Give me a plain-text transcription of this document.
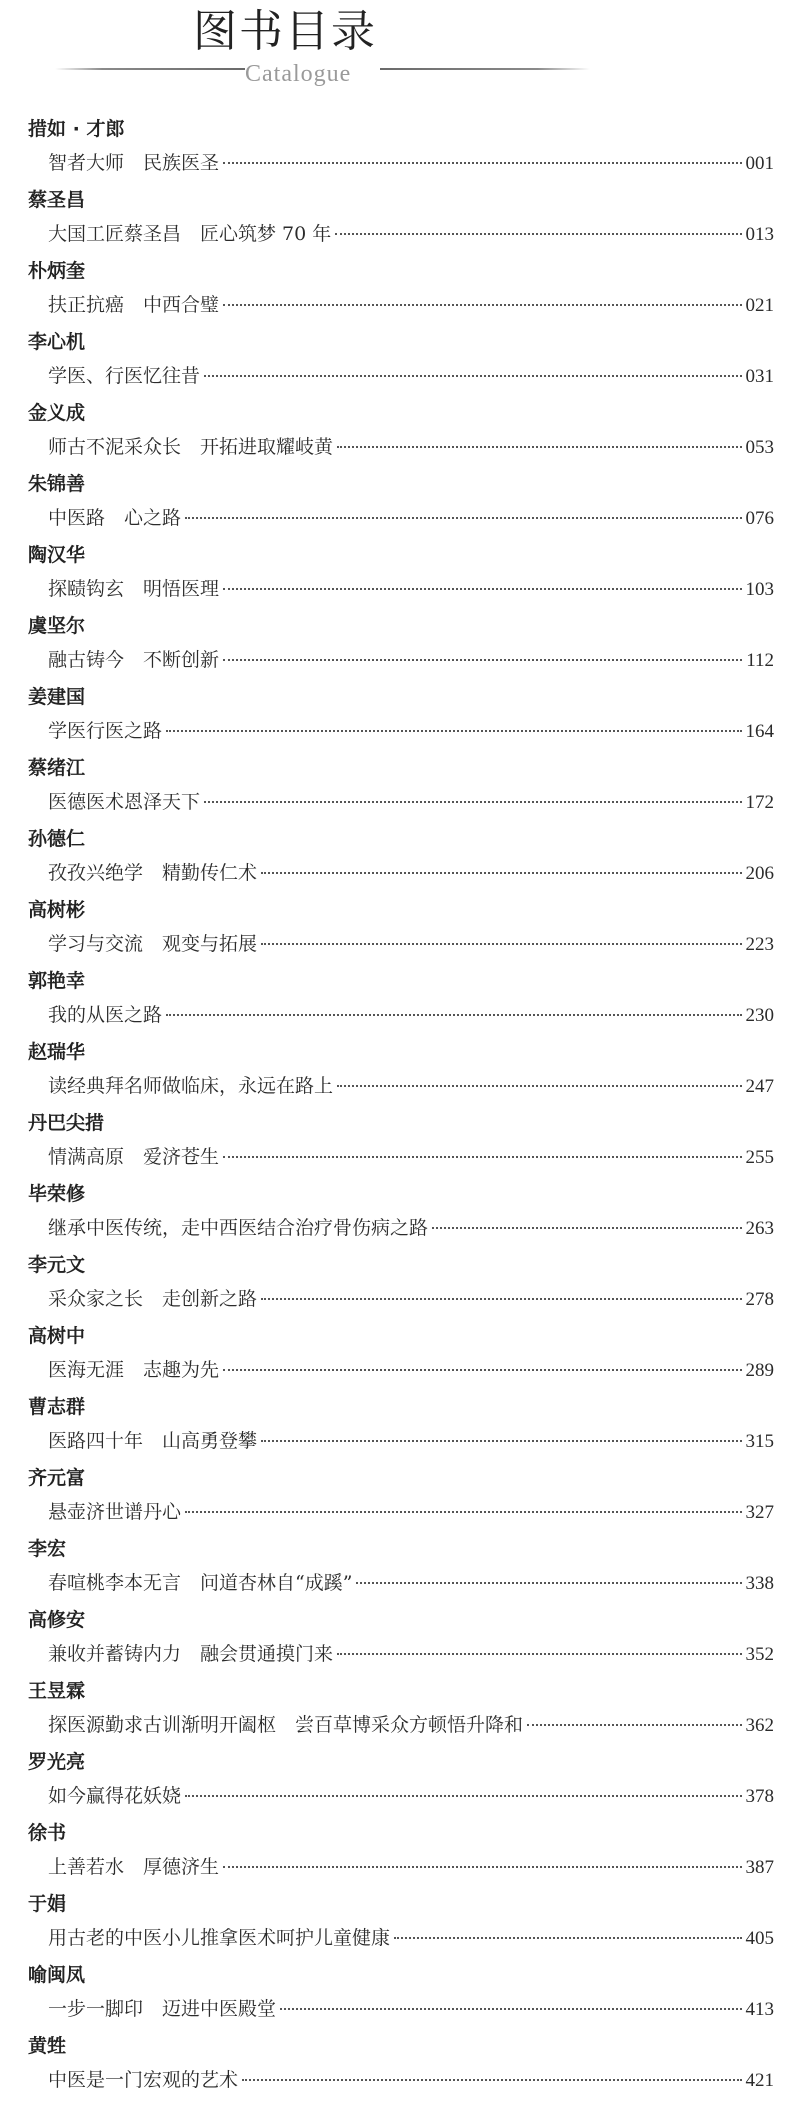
图书目录
Catalogue
措如 · 才郎
智者大师　民族医圣	001
蔡圣昌
大国工匠蔡圣昌　匠心筑梦 70 年	013
朴炳奎
扶正抗癌　中西合璧	021
李心机
学医、行医忆往昔	031
金义成
师古不泥采众长　开拓进取耀岐黄	053
朱锦善
中医路　心之路	076
陶汉华
探赜钩玄　明悟医理	103
虞坚尔
融古铸今　不断创新	112
姜建国
学医行医之路	164
蔡绪江
医德医术恩泽天下	172
孙德仁
孜孜兴绝学　精勤传仁术	206
高树彬
学习与交流　观变与拓展	223
郭艳幸
我的从医之路	230
赵瑞华
读经典拜名师做临床，永远在路上	247
丹巴尖措
情满高原　爱济苍生	255
毕荣修
继承中医传统，走中西医结合治疗骨伤病之路	263
李元文
采众家之长　走创新之路	278
高树中
医海无涯　志趣为先	289
曹志群
医路四十年　山高勇登攀	315
齐元富
悬壶济世谱丹心	327
李宏
春喧桃李本无言　问道杏林自“成蹊”	338
高修安
兼收并蓄铸内力　融会贯通摸门来	352
王昱霖
探医源勤求古训渐明开阖枢　尝百草博采众方顿悟升降和	362
罗光亮
如今赢得花妖娆	378
徐书
上善若水　厚德济生	387
于娟
用古老的中医小儿推拿医术呵护儿童健康	405
喻闽凤
一步一脚印　迈进中医殿堂	413
黄甡
中医是一门宏观的艺术	421
